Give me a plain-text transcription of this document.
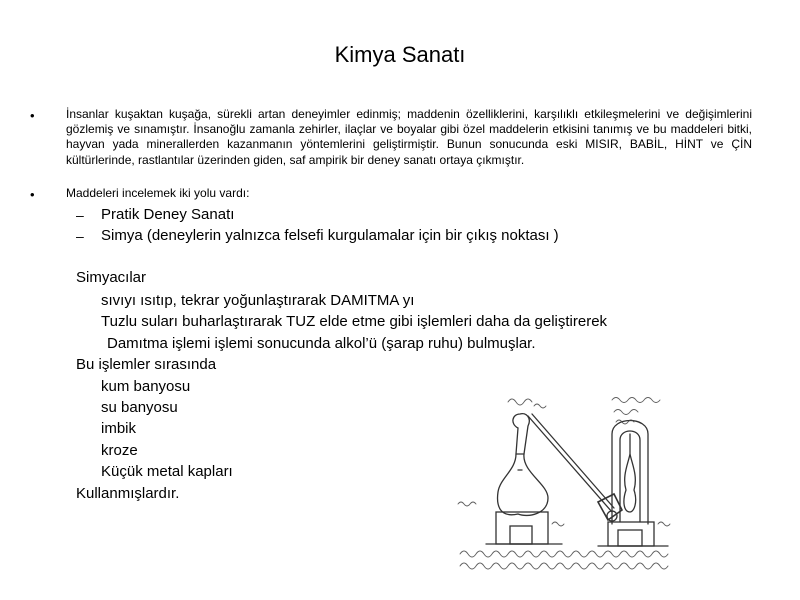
Kimya Sanatı
•	İnsanlar kuşaktan kuşağa, sürekli artan deneyimler edinmiş; maddenin özelliklerini, karşılıklı etkileşmelerini ve değişimlerini gözlemiş ve sınamıştır. İnsanoğlu zamanla zehirler, ilaçlar ve boyalar gibi özel maddelerin etkisini tanımış ve bu maddeleri bitki, hayvan yada minerallerden kazanmanın yöntemlerini geliştirmiştir. Bunun sonucunda eski MISIR, BABİL, HİNT ve ÇİN kültürlerinde, rastlantılar üzerinden giden, saf ampirik bir deney sanatı ortaya çıkmıştır.
•	Maddeleri incelemek iki yolu vardı:
– Pratik Deney Sanatı
– Simya (deneylerin yalnızca felsefi kurgulamalar için bir çıkış noktası )
Simyacılar
sıvıyı ısıtıp, tekrar yoğunlaştırarak DAMITMA yı
Tuzlu suları buharlaştırarak TUZ elde etme gibi işlemleri daha da geliştirerek
Damıtma işlemi işlemi sonucunda alkol’ü (şarap ruhu) bulmuşlar.
Bu işlemler sırasında
kum banyosu
su banyosu
imbik
kroze
Küçük metal kapları
Kullanmışlardır.
